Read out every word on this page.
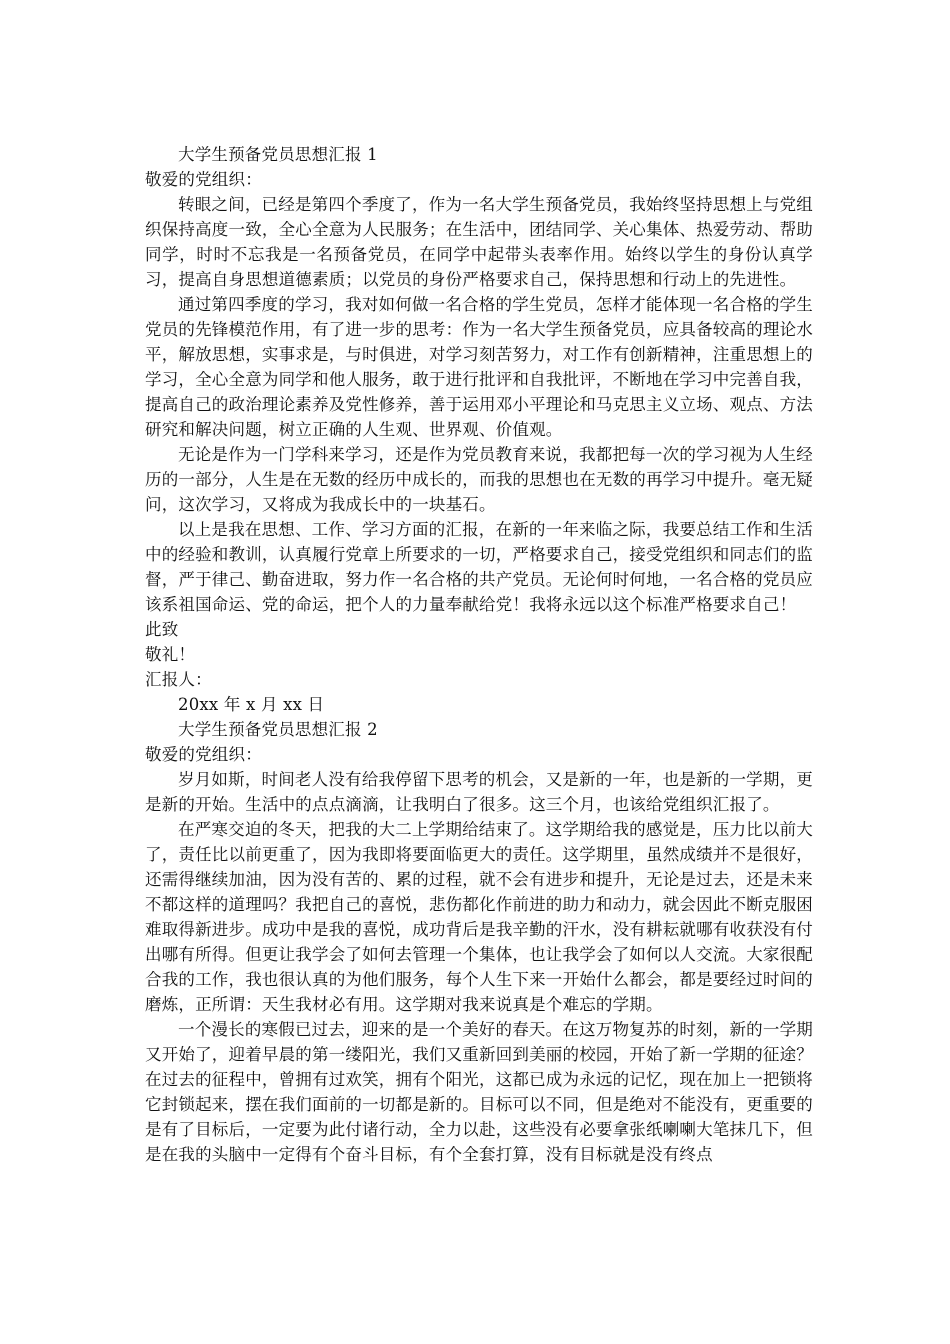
大学生预备党员思想汇报 1
敬爱的党组织：
转眼之间，已经是第四个季度了，作为一名大学生预备党员，我始终坚持思想上与党组织保持高度一致，全心全意为人民服务；在生活中，团结同学、关心集体、热爱劳动、帮助同学，时时不忘我是一名预备党员，在同学中起带头表率作用。始终以学生的身份认真学习，提高自身思想道德素质；以党员的身份严格要求自己，保持思想和行动上的先进性。
通过第四季度的学习，我对如何做一名合格的学生党员，怎样才能体现一名合格的学生党员的先锋模范作用，有了进一步的思考：作为一名大学生预备党员，应具备较高的理论水平，解放思想，实事求是，与时俱进，对学习刻苦努力，对工作有创新精神，注重思想上的学习，全心全意为同学和他人服务，敢于进行批评和自我批评，不断地在学习中完善自我，提高自己的政治理论素养及党性修养，善于运用邓小平理论和马克思主义立场、观点、方法研究和解决问题，树立正确的人生观、世界观、价值观。
无论是作为一门学科来学习，还是作为党员教育来说，我都把每一次的学习视为人生经历的一部分，人生是在无数的经历中成长的，而我的思想也在无数的再学习中提升。毫无疑问，这次学习，又将成为我成长中的一块基石。
以上是我在思想、工作、学习方面的汇报，在新的一年来临之际，我要总结工作和生活中的经验和教训，认真履行党章上所要求的一切，严格要求自己，接受党组织和同志们的监督，严于律己、勤奋进取，努力作一名合格的共产党员。无论何时何地，一名合格的党员应该系祖国命运、党的命运，把个人的力量奉献给党！我将永远以这个标准严格要求自己！
此致
敬礼！
汇报人：
20xx 年 x 月 xx 日
大学生预备党员思想汇报 2
敬爱的党组织：
岁月如斯，时间老人没有给我停留下思考的机会，又是新的一年，也是新的一学期，更是新的开始。生活中的点点滴滴，让我明白了很多。这三个月，也该给党组织汇报了。
在严寒交迫的冬天，把我的大二上学期给结束了。这学期给我的感觉是，压力比以前大了，责任比以前更重了，因为我即将要面临更大的责任。这学期里，虽然成绩并不是很好，还需得继续加油，因为没有苦的、累的过程，就不会有进步和提升，无论是过去，还是未来不都这样的道理吗？我把自己的喜悦，悲伤都化作前进的助力和动力，就会因此不断克服困难取得新进步。成功中是我的喜悦，成功背后是我辛勤的汗水，没有耕耘就哪有收获没有付出哪有所得。但更让我学会了如何去管理一个集体，也让我学会了如何以人交流。大家很配合我的工作，我也很认真的为他们服务，每个人生下来一开始什么都会，都是要经过时间的磨炼，正所谓：天生我材必有用。这学期对我来说真是个难忘的学期。
一个漫长的寒假已过去，迎来的是一个美好的春天。在这万物复苏的时刻，新的一学期又开始了，迎着早晨的第一缕阳光，我们又重新回到美丽的校园，开始了新一学期的征途？在过去的征程中，曾拥有过欢笑，拥有个阳光，这都已成为永远的记忆，现在加上一把锁将它封锁起来，摆在我们面前的一切都是新的。目标可以不同，但是绝对不能没有，更重要的是有了目标后，一定要为此付诸行动，全力以赴，这些没有必要拿张纸喇喇大笔抹几下，但是在我的头脑中一定得有个奋斗目标，有个全套打算，没有目标就是没有终点
